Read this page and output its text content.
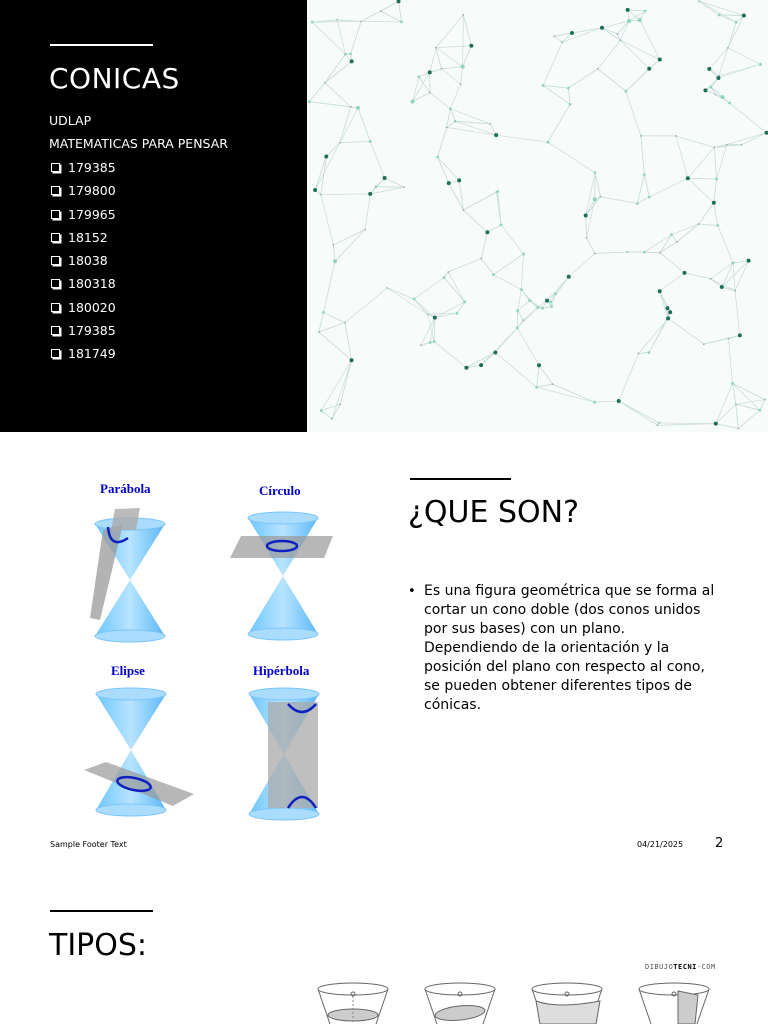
CONICAS
UDLAP
MATEMATICAS PARA PENSAR
179385
179800
179965
18152
18038
180318
180020
179385
181749
Parábola	Círculo
Elipse	Hipérbola
¿QUE SON?
• Es una figura geométrica que se forma al cortar un cono doble (dos conos unidos por sus bases) con un plano. Dependiendo de la orientación y la posición del plano con respecto al cono, se pueden obtener diferentes tipos de cónicas.
Sample Footer Text	04/21/2025 2
TIPOS:
DIBUJOTECNI·COM
